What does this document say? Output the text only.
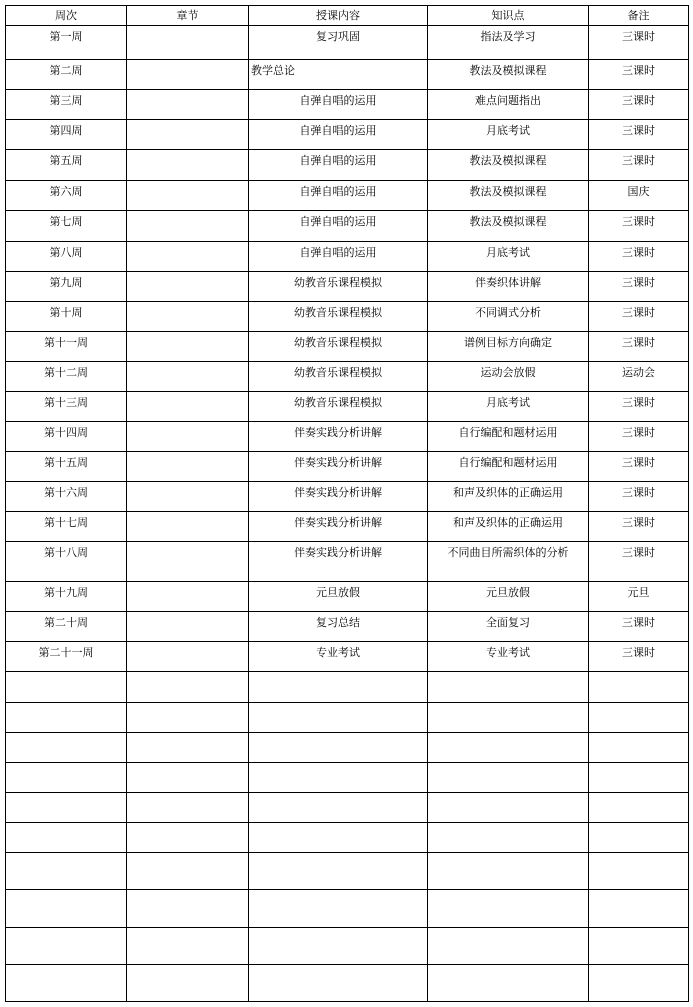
周次	章节	授课内容	知识点	备注
第一周		复习巩固	指法及学习	三课时
第二周		教学总论	教法及模拟课程	三课时
第三周		自弹自唱的运用	难点问题指出	三课时
第四周		自弹自唱的运用	月底考试	三课时
第五周		自弹自唱的运用	教法及模拟课程	三课时
第六周		自弹自唱的运用	教法及模拟课程	国庆
第七周		自弹自唱的运用	教法及模拟课程	三课时
第八周		自弹自唱的运用	月底考试	三课时
第九周		幼教音乐课程模拟	伴奏织体讲解	三课时
第十周		幼教音乐课程模拟	不同调式分析	三课时
第十一周		幼教音乐课程模拟	谱例目标方向确定	三课时
第十二周		幼教音乐课程模拟	运动会放假	运动会
第十三周		幼教音乐课程模拟	月底考试	三课时
第十四周		伴奏实践分析讲解	自行编配和题材运用	三课时
第十五周		伴奏实践分析讲解	自行编配和题材运用	三课时
第十六周		伴奏实践分析讲解	和声及织体的正确运用	三课时
第十七周		伴奏实践分析讲解	和声及织体的正确运用	三课时
第十八周		伴奏实践分析讲解	不同曲目所需织体的分析	三课时
第十九周		元旦放假	元旦放假	元旦
第二十周		复习总结	全面复习	三课时
第二十一周		专业考试	专业考试	三课时
